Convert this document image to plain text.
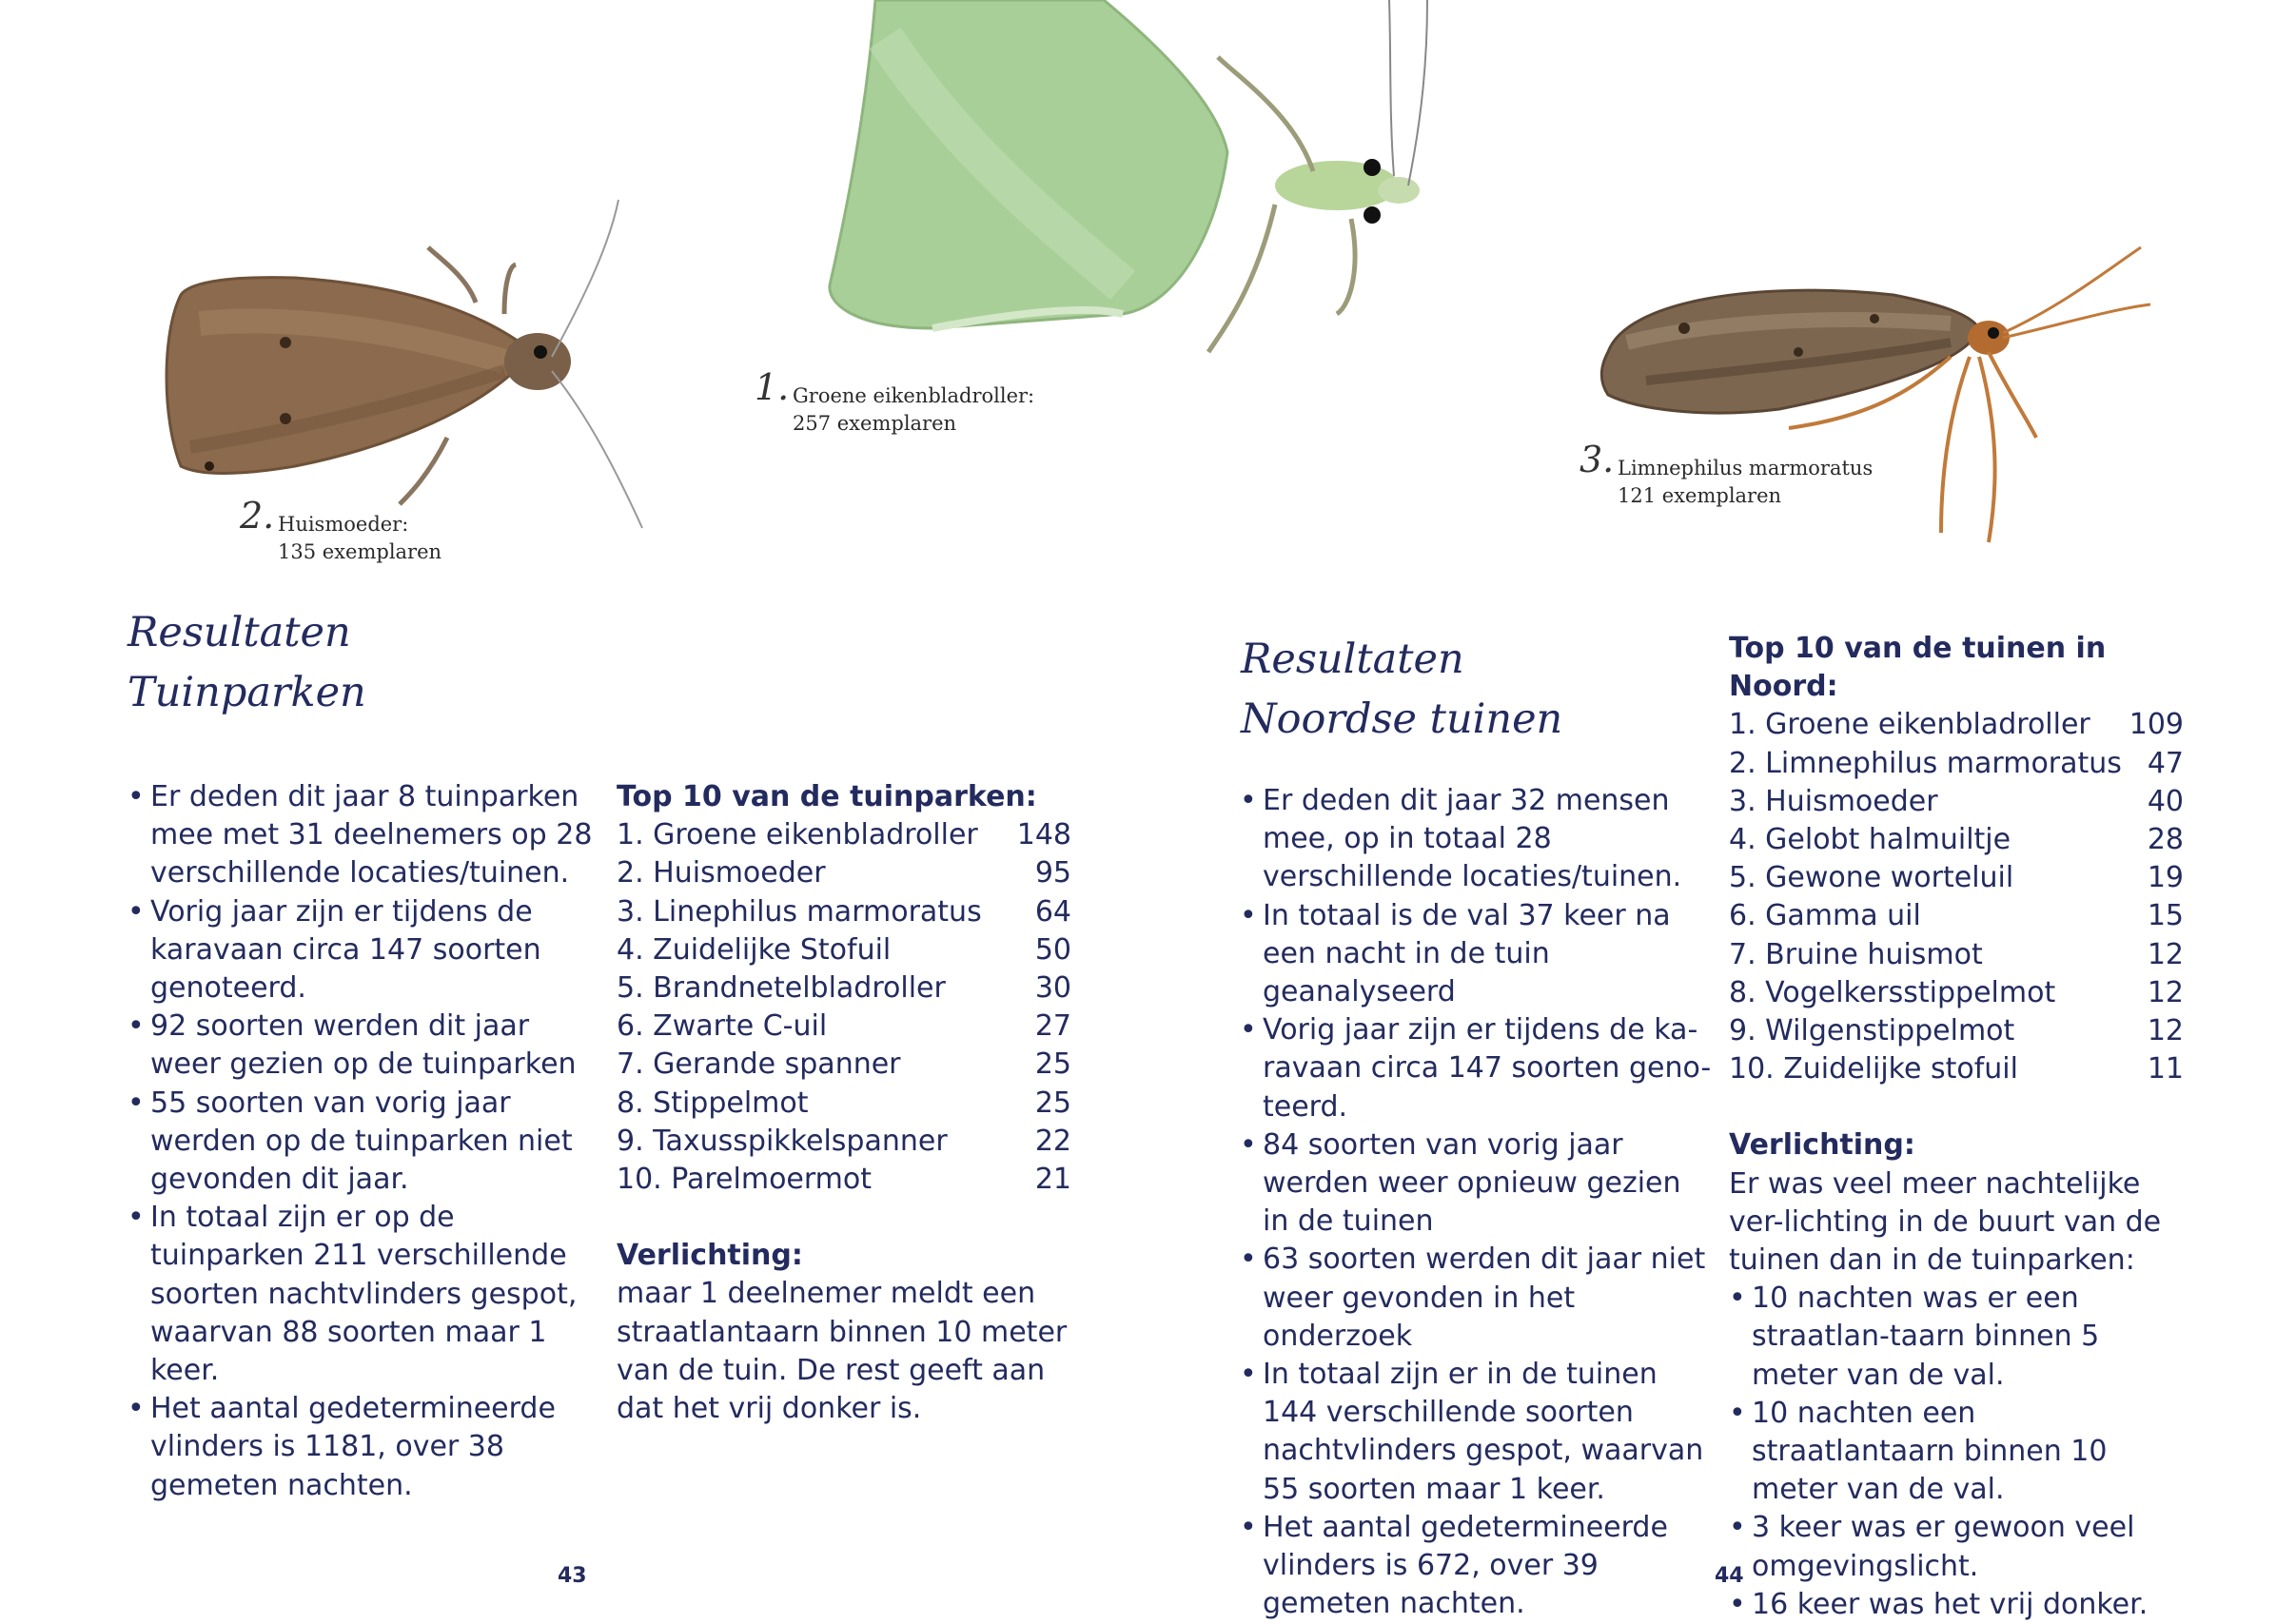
1. Groene eikenbladroller:
257 exemplaren
2. Huismoeder:
135 exemplaren
3. Limnephilus marmoratus
121 exemplaren
Resultaten
Tuinparken
• Er deden dit jaar 8 tuinparken mee met 31 deelnemers op 28 verschillende locaties/tuinen.
• Vorig jaar zijn er tijdens de karavaan circa 147 soorten genoteerd.
• 92 soorten werden dit jaar weer gezien op de tuinparken
• 55 soorten van vorig jaar werden op de tuinparken niet gevonden dit jaar.
• In totaal zijn er op de tuinparken 211 verschillende soorten nachtvlinders gespot, waarvan 88 soorten maar 1 keer.
• Het aantal gedetermineerde vlinders is 1181, over 38 gemeten nachten.
Top 10 van de tuinparken:
1. Groene eikenbladroller 148
2. Huismoeder	95
3. Linephilus marmoratus 64
4. Zuidelijke Stofuil	50
5. Brandnetelbladroller	30
6. Zwarte C-uil	27
7. Gerande spanner	25
8. Stippelmot	25
9. Taxusspikkelspanner	22
10. Parelmoermot	21
Verlichting:
maar 1 deelnemer meldt een straatlantaarn binnen 10 meter van de tuin. De rest geeft aan dat het vrij donker is.
43
Resultaten
Noordse tuinen
• Er deden dit jaar 32 mensen mee, op in totaal 28 verschillende locaties/tuinen.
• In totaal is de val 37 keer na een nacht in de tuin geanalyseerd
• Vorig jaar zijn er tijdens de ka-ravaan circa 147 soorten geno-teerd.
• 84 soorten van vorig jaar werden weer opnieuw gezien in de tuinen
• 63 soorten werden dit jaar niet weer gevonden in het onderzoek
• In totaal zijn er in de tuinen 144 verschillende soorten nachtvlinders gespot, waarvan 55 soorten maar 1 keer.
• Het aantal gedetermineerde vlinders is 672, over 39 gemeten nachten.
Top 10 van de tuinen in Noord:
1. Groene eikenbladroller 109
2. Limnephilus marmoratus 47
3. Huismoeder	40
4. Gelobt halmuiltje	28
5. Gewone worteluil	19
6. Gamma uil	15
7. Bruine huismot	12
8. Vogelkersstippelmot	12
9. Wilgenstippelmot	12
10. Zuidelijke stofuil	11
Verlichting:
Er was veel meer nachtelijke ver-lichting in de buurt van de tuinen dan in de tuinparken:
• 10 nachten was er een straatlan-taarn binnen 5 meter van de val.
• 10 nachten een straatlantaarn binnen 10 meter van de val.
• 3 keer was er gewoon veel omgevingslicht.
• 16 keer was het vrij donker.
44
